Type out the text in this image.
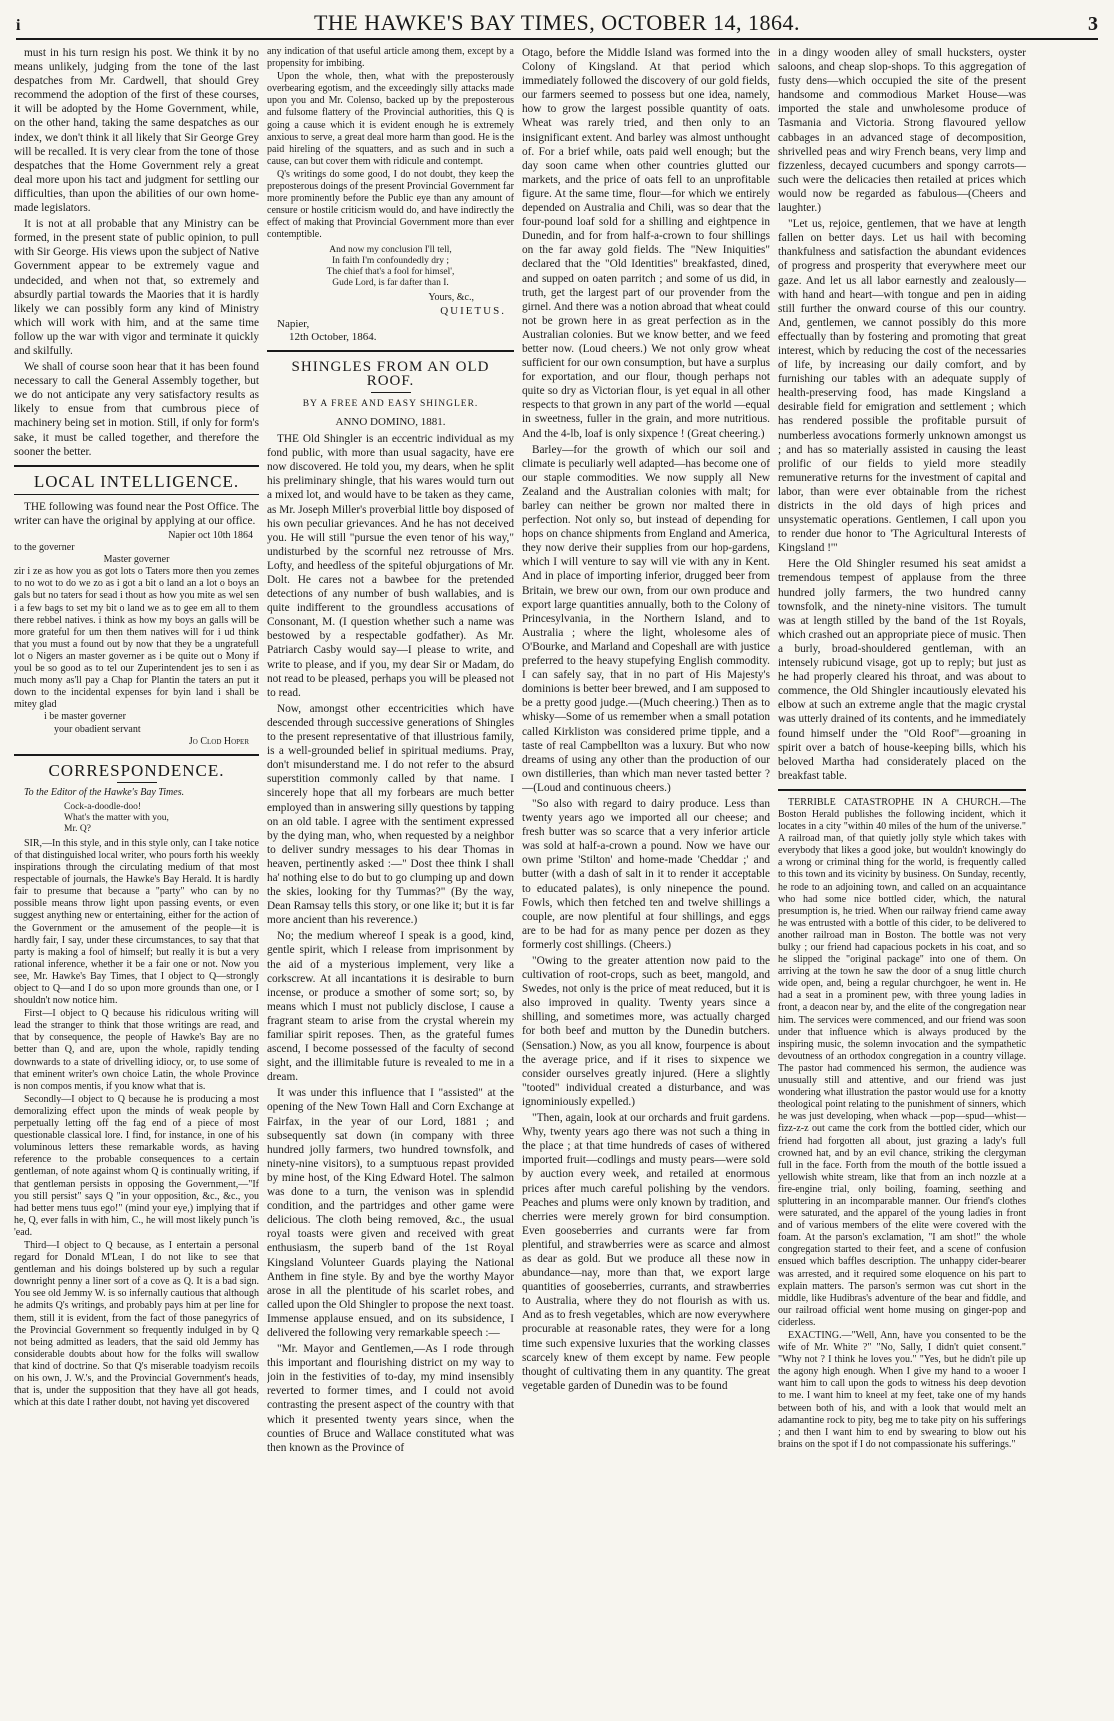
i	THE HAWKE'S BAY TIMES, OCTOBER 14, 1864.	3

must in his turn resign his post. We think it by no means unlikely, judging from the tone of the last despatches from Mr. Cardwell, that should Grey recommend the adoption of the first of these courses, it will be adopted by the Home Government, while, on the other hand, taking the same despatches as our index, we don't think it all likely that Sir George Grey will be recalled. It is very clear from the tone of those despatches that the Home Government rely a great deal more upon his tact and judgment for settling our difficulties, than upon the abilities of our own home-made legislators.

It is not at all probable that any Ministry can be formed, in the present state of public opinion, to pull with Sir George. His views upon the subject of Native Government appear to be extremely vague and undecided, and when not that, so extremely and absurdly partial towards the Maories that it is hardly likely we can possibly form any kind of Ministry which will work with him, and at the same time follow up the war with vigor and terminate it quickly and skilfully.

We shall of course soon hear that it has been found necessary to call the General Assembly together, but we do not anticipate any very satisfactory results as likely to ensue from that cumbrous piece of machinery being set in motion. Still, if only for form's sake, it must be called together, and therefore the sooner the better.

LOCAL INTELLIGENCE.

THE following was found near the Post Office. The writer can have the original by applying at our office.

Napier oct 10th 1864
to the governer
Master governer
zir i ze as how you as got lots o Taters more then you zemes to no wot to do we zo as i got a bit o land an a lot o boys an gals but no taters for sead i thout as how you mite as wel sen i a few bags to set my bit o land we as to gee em all to them there rebbel natives. i think as how my boys an galls will be more grateful for um then them natives will for i ud think that you must a found out by now that they be a ungratefull lot o Nigers an master governer as i be quite out o Mony if youl be so good as to tel our Zuperintendent jes to sen i as much mony as'll pay a Chap for Plantin the taters an put it down to the incidental expenses for byin land i shall be mitey glad
i be master governer
your obadient servant
Jo Clod Hoper
CORRESPONDENCE.
To the Editor of the Hawke's Bay Times.
Cock-a-doodle-doo!
What's the matter with you,
Mr. Q?

SIR,—In this style, and in this style only, can I take notice of that distinguished local writer, who pours forth his weekly inspirations through the circulating medium of that most respectable of journals, the Hawke's Bay Herald. It is hardly fair to presume that because a "party" who can by no possible means throw light upon passing events, or even suggest anything new or entertaining, either for the action of the Government or the amusement of the people—it is hardly fair, I say, under these circumstances, to say that that party is making a fool of himself; but really it is but a very rational inference, whether it be a fair one or not. Now you see, Mr. Hawke's Bay Times, that I object to Q—strongly object to Q—and I do so upon more grounds than one, or I shouldn't now notice him.

First—I object to Q because his ridiculous writing will lead the stranger to think that those writings are read, and that by consequence, the people of Hawke's Bay are no better than Q, and are, upon the whole, rapidly tending downwards to a state of drivelling idiocy, or, to use some of that eminent writer's own choice Latin, the whole Province is non compos mentis, if you know what that is.

Secondly—I object to Q because he is producing a most demoralizing effect upon the minds of weak people by perpetually letting off the fag end of a piece of most questionable classical lore. I find, for instance, in one of his voluminous letters these remarkable words, as having reference to the probable consequences to a certain gentleman, of note against whom Q is continually writing, if that gentleman persists in opposing the Government,—"If you still persist" says Q "in your opposition, &c., &c., you had better mens tuus ego!" (mind your eye,) implying that if he, Q, ever falls in with him, C., he will most likely punch 'is 'ead.

Third—I object to Q because, as I entertain a personal regard for Donald M'Lean, I do not like to see that gentleman and his doings bolstered up by such a regular downright penny a liner sort of a cove as Q. It is a bad sign. You see old Jemmy W. is so infernally cautious that although he admits Q's writings, and probably pays him at per line for them, still it is evident, from the fact of those panegyrics of the Provincial Government so frequently indulged in by Q not being admitted as leaders, that the said old Jemmy has considerable doubts about how for the folks will swallow that kind of doctrine. So that Q's miserable toadyism recoils on his own, J. W.'s, and the Provincial Government's heads, that is, under the supposition that they have all got heads, which at this date I rather doubt, not having yet discovered

any indication of that useful article among them, except by a propensity for imbibing.

Upon the whole, then, what with the preposterously overbearing egotism, and the exceedingly silly attacks made upon you and Mr. Colenso, backed up by the preposterous and fulsome flattery of the Provincial authorities, this Q is going a cause which it is evident enough he is extremely anxious to serve, a great deal more harm than good. He is the paid hireling of the squatters, and as such and in such a cause, can but cover them with ridicule and contempt.

Q's writings do some good, I do not doubt, they keep the preposterous doings of the present Provincial Government far more prominently before the Public eye than any amount of censure or hostile criticism would do, and have indirectly the effect of making that Provincial Government more than ever contemptible.

And now my conclusion I'll tell,
In faith I'm confoundedly dry ;
The chief that's a fool for himsel',
Gude Lord, is far dafter than I.
Yours, &c.,
QUIETUS.
Napier,
12th October, 1864.
SHINGLES FROM AN OLD ROOF.
BY A FREE AND EASY SHINGLER.
ANNO DOMINO, 1881.

THE Old Shingler is an eccentric individual as my fond public, with more than usual sagacity, have ere now discovered. He told you, my dears, when he split his preliminary shingle, that his wares would turn out a mixed lot, and would have to be taken as they came, as Mr. Joseph Miller's proverbial little boy disposed of his own peculiar grievances. And he has not deceived you. He will still "pursue the even tenor of his way," undisturbed by the scornful nez retrousse of Mrs. Lofty, and heedless of the spiteful objurgations of Mr. Dolt. He cares not a bawbee for the pretended detections of any number of bush wallabies, and is quite indifferent to the groundless accusations of Consonant, M. (I question whether such a name was bestowed by a respectable godfather). As Mr. Patriarch Casby would say—I please to write, and write to please, and if you, my dear Sir or Madam, do not read to be pleased, perhaps you will be pleased not to read.

Now, amongst other eccentricities which have descended through successive generations of Shingles to the present representative of that illustrious family, is a well-grounded belief in spiritual mediums. Pray, don't misunderstand me. I do not refer to the absurd superstition commonly called by that name. I sincerely hope that all my forbears are much better employed than in answering silly questions by tapping on an old table. I agree with the sentiment expressed by the dying man, who, when requested by a neighbor to deliver sundry messages to his dear Thomas in heaven, pertinently asked :—" Dost thee think I shall ha' nothing else to do but to go clumping up and down the skies, looking for thy Tummas?" (By the way, Dean Ramsay tells this story, or one like it; but it is far more ancient than his reverence.)

No; the medium whereof I speak is a good, kind, gentle spirit, which I release from imprisonment by the aid of a mysterious implement, very like a corkscrew. At all incantations it is desirable to burn incense, or produce a smother of some sort; so, by means which I must not publicly disclose, I cause a fragrant steam to arise from the crystal wherein my familiar spirit reposes. Then, as the grateful fumes ascend, I become possessed of the faculty of second sight, and the illimitable future is revealed to me in a dream.

It was under this influence that I "assisted" at the opening of the New Town Hall and Corn Exchange at Fairfax, in the year of our Lord, 1881 ; and subsequently sat down (in company with three hundred jolly farmers, two hundred townsfolk, and ninety-nine visitors), to a sumptuous repast provided by mine host, of the King Edward Hotel. The salmon was done to a turn, the venison was in splendid condition, and the partridges and other game were delicious. The cloth being removed, &c., the usual royal toasts were given and received with great enthusiasm, the superb band of the 1st Royal Kingsland Volunteer Guards playing the National Anthem in fine style. By and bye the worthy Mayor arose in all the plentitude of his scarlet robes, and called upon the Old Shingler to propose the next toast. Immense applause ensued, and on its subsidence, I delivered the following very remarkable speech :—

"Mr. Mayor and Gentlemen,—As I rode through this important and flourishing district on my way to join in the festivities of to-day, my mind insensibly reverted to former times, and I could not avoid contrasting the present aspect of the country with that which it presented twenty years since, when the counties of Bruce and Wallace constituted what was then known as the Province of

Otago, before the Middle Island was formed into the Colony of Kingsland. At that period which immediately followed the discovery of our gold fields, our farmers seemed to possess but one idea, namely, how to grow the largest possible quantity of oats. Wheat was rarely tried, and then only to an insignificant extent. And barley was almost unthought of. For a brief while, oats paid well enough; but the day soon came when other countries glutted our markets, and the price of oats fell to an unprofitable figure. At the same time, flour—for which we entirely depended on Australia and Chili, was so dear that the four-pound loaf sold for a shilling and eightpence in Dunedin, and for from half-a-crown to four shillings on the far away gold fields. The "New Iniquities" declared that the "Old Identities" breakfasted, dined, and supped on oaten parritch ; and some of us did, in truth, get the largest part of our provender from the girnel. And there was a notion abroad that wheat could not be grown here in as great perfection as in the Australian colonies. But we know better, and we feed better now. (Loud cheers.) We not only grow wheat sufficient for our own consumption, but have a surplus for exportation, and our flour, though perhaps not quite so dry as Victorian flour, is yet equal in all other respects to that grown in any part of the world —equal in sweetness, fuller in the grain, and more nutritious. And the 4-lb, loaf is only sixpence ! (Great cheering.)

Barley—for the growth of which our soil and climate is peculiarly well adapted—has become one of our staple commodities. We now supply all New Zealand and the Australian colonies with malt; for barley can neither be grown nor malted there in perfection. Not only so, but instead of depending for hops on chance shipments from England and America, they now derive their supplies from our hop-gardens, which I will venture to say will vie with any in Kent. And in place of importing inferior, drugged beer from Britain, we brew our own, from our own produce and export large quantities annually, both to the Colony of Princesylvania, in the Northern Island, and to Australia ; where the light, wholesome ales of O'Bourke, and Marland and Copeshall are with justice preferred to the heavy stupefying English commodity. I can safely say, that in no part of His Majesty's dominions is better beer brewed, and I am supposed to be a pretty good judge.—(Much cheering.) Then as to whisky—Some of us remember when a small potation called Kirkliston was considered prime tipple, and a taste of real Campbellton was a luxury. But who now dreams of using any other than the production of our own distilleries, than which man never tasted better ?—(Loud and continuous cheers.)

"So also with regard to dairy produce. Less than twenty years ago we imported all our cheese; and fresh butter was so scarce that a very inferior article was sold at half-a-crown a pound. Now we have our own prime 'Stilton' and home-made 'Cheddar ;' and butter (with a dash of salt in it to render it acceptable to educated palates), is only ninepence the pound. Fowls, which then fetched ten and twelve shillings a couple, are now plentiful at four shillings, and eggs are to be had for as many pence per dozen as they formerly cost shillings. (Cheers.)

"Owing to the greater attention now paid to the cultivation of root-crops, such as beet, mangold, and Swedes, not only is the price of meat reduced, but it is also improved in quality. Twenty years since a shilling, and sometimes more, was actually charged for both beef and mutton by the Dunedin butchers. (Sensation.) Now, as you all know, fourpence is about the average price, and if it rises to sixpence we consider ourselves greatly injured. (Here a slightly "tooted" individual created a disturbance, and was ignominiously expelled.)

"Then, again, look at our orchards and fruit gardens. Why, twenty years ago there was not such a thing in the place ; at that time hundreds of cases of withered imported fruit—codlings and musty pears—were sold by auction every week, and retailed at enormous prices after much careful polishing by the vendors. Peaches and plums were only known by tradition, and cherries were merely grown for bird consumption. Even gooseberries and currants were far from plentiful, and strawberries were as scarce and almost as dear as gold. But we produce all these now in abundance—nay, more than that, we export large quantities of gooseberries, currants, and strawberries to Australia, where they do not flourish as with us. And as to fresh vegetables, which are now everywhere procurable at reasonable rates, they were for a long time such expensive luxuries that the working classes scarcely knew of them except by name. Few people thought of cultivating them in any quantity. The great vegetable garden of Dunedin was to be found

in a dingy wooden alley of small hucksters, oyster saloons, and cheap slop-shops. To this aggregation of fusty dens—which occupied the site of the present handsome and commodious Market House—was imported the stale and unwholesome produce of Tasmania and Victoria. Strong flavoured yellow cabbages in an advanced stage of decomposition, shrivelled peas and wiry French beans, very limp and fizzenless, decayed cucumbers and spongy carrots—such were the delicacies then retailed at prices which would now be regarded as fabulous—(Cheers and laughter.)

"Let us, rejoice, gentlemen, that we have at length fallen on better days. Let us hail with becoming thankfulness and satisfaction the abundant evidences of progress and prosperity that everywhere meet our gaze. And let us all labor earnestly and zealously—with hand and heart—with tongue and pen in aiding still further the onward course of this our country. And, gentlemen, we cannot possibly do this more effectually than by fostering and promoting that great interest, which by reducing the cost of the necessaries of life, by increasing our daily comfort, and by furnishing our tables with an adequate supply of health-preserving food, has made Kingsland a desirable field for emigration and settlement ; which has rendered possible the profitable pursuit of numberless avocations formerly unknown amongst us ; and has so materially assisted in causing the least prolific of our fields to yield more steadily remunerative returns for the investment of capital and labor, than were ever obtainable from the richest districts in the old days of high prices and unsystematic operations. Gentlemen, I call upon you to render due honor to 'The Agricultural Interests of Kingsland !'"

Here the Old Shingler resumed his seat amidst a tremendous tempest of applause from the three hundred jolly farmers, the two hundred canny townsfolk, and the ninety-nine visitors. The tumult was at length stilled by the band of the 1st Royals, which crashed out an appropriate piece of music. Then a burly, broad-shouldered gentleman, with an intensely rubicund visage, got up to reply; but just as he had properly cleared his throat, and was about to commence, the Old Shingler incautiously elevated his elbow at such an extreme angle that the magic crystal was utterly drained of its contents, and he immediately found himself under the "Old Roof"—groaning in spirit over a batch of house-keeping bills, which his beloved Martha had considerately placed on the breakfast table.

TERRIBLE CATASTROPHE IN A CHURCH.—The Boston Herald publishes the following incident, which it locates in a city "within 40 miles of the hum of the universe." A railroad man, of that quietly jolly style which takes with everybody that likes a good joke, but wouldn't knowingly do a wrong or criminal thing for the world, is frequently called to this town and its vicinity by business. On Sunday, recently, he rode to an adjoining town, and called on an acquaintance who had some nice bottled cider, which, the natural presumption is, he tried. When our railway friend came away he was entrusted with a bottle of this cider, to be delivered to another railroad man in Boston. The bottle was not very bulky ; our friend had capacious pockets in his coat, and so he slipped the "original package" into one of them. On arriving at the town he saw the door of a snug little church wide open, and, being a regular churchgoer, he went in. He had a seat in a prominent pew, with three young ladies in front, a deacon near by, and the elite of the congregation near him. The services were commenced, and our friend was soon under that influence which is always produced by the inspiring music, the solemn invocation and the sympathetic devoutness of an orthodox congregation in a country village. The pastor had commenced his sermon, the audience was unusually still and attentive, and our friend was just wondering what illustration the pastor would use for a knotty theological point relating to the punishment of sinners, which he was just developing, when whack —pop—spud—whist—fizz-z-z out came the cork from the bottled cider, which our friend had forgotten all about, just grazing a lady's full crowned hat, and by an evil chance, striking the clergyman full in the face. Forth from the mouth of the bottle issued a yellowish white stream, like that from an inch nozzle at a fire-engine trial, only boiling, foaming, seething and spluttering in an incomparable manner. Our friend's clothes were saturated, and the apparel of the young ladies in front and of various members of the elite were covered with the foam. At the parson's exclamation, "I am shot!" the whole congregation started to their feet, and a scene of confusion ensued which baffles description. The unhappy cider-bearer was arrested, and it required some eloquence on his part to explain matters. The parson's sermon was cut short in the middle, like Hudibras's adventure of the bear and fiddle, and our railroad official went home musing on ginger-pop and ciderless.

EXACTING.—"Well, Ann, have you consented to be the wife of Mr. White ?" "No, Sally, I didn't quiet consent." "Why not ? I think he loves you." "Yes, but he didn't pile up the agony high enough. When I give my hand to a wooer I want him to call upon the gods to witness his deep devotion to me. I want him to kneel at my feet, take one of my hands between both of his, and with a look that would melt an adamantine rock to pity, beg me to take pity on his sufferings ; and then I want him to end by swearing to blow out his brains on the spot if I do not compassionate his sufferings."
